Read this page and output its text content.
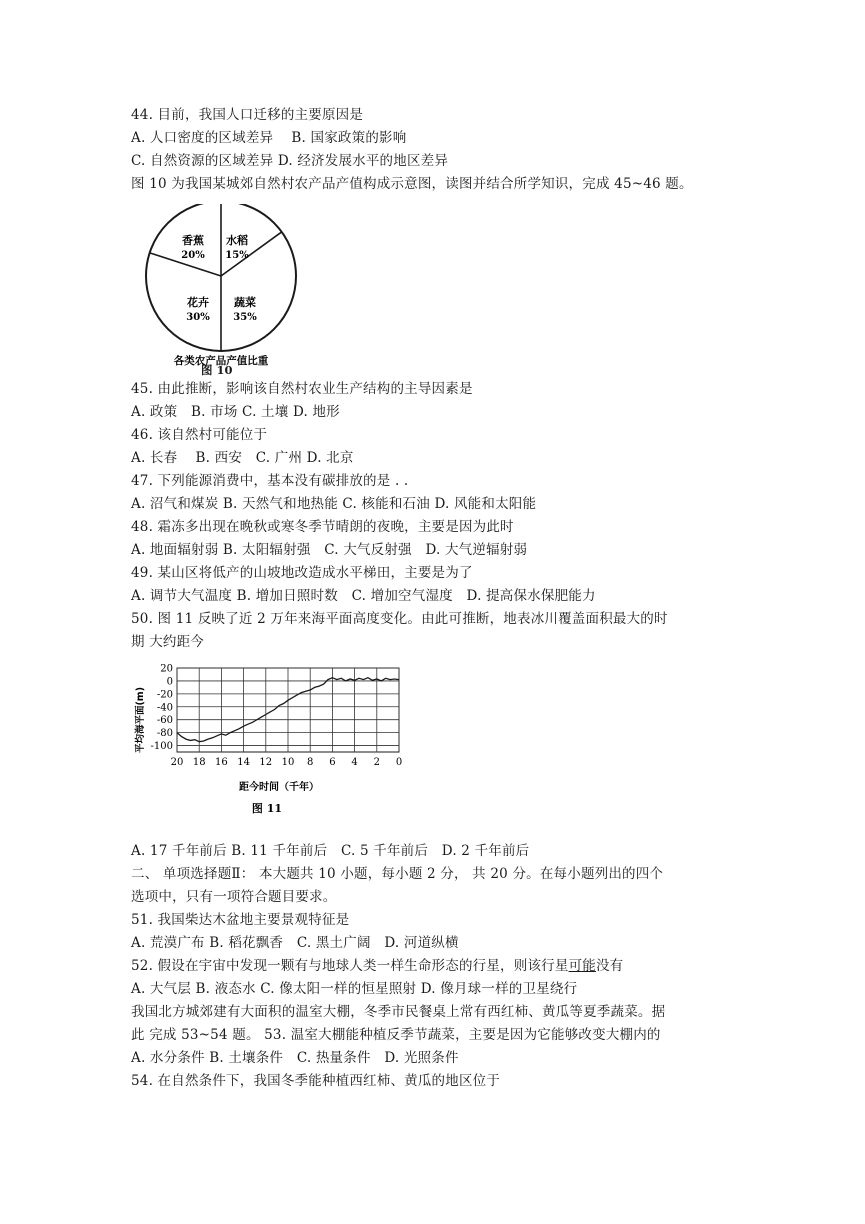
44. 目前，我国人口迁移的主要原因是
A. 人口密度的区域差异　 B. 国家政策的影响
C. 自然资源的区域差异 D. 经济发展水平的地区差异
图 10 为我国某城郊自然村农产品产值构成示意图，读图并结合所学知识，完成 45~46 题。
香蕉
20%
水稻
15%
蔬菜
35%
花卉
30%
各类农产品产值比重
图 10
45. 由此推断，影响该自然村农业生产结构的主导因素是
A. 政策　B. 市场 C. 土壤 D. 地形
46. 该自然村可能位于
A. 长春　 B. 西安　C. 广州 D. 北京
47. 下列能源消费中，基本没有碳排放的是 . .
A. 沼气和煤炭 B. 天然气和地热能 C. 核能和石油 D. 风能和太阳能
48. 霜冻多出现在晚秋或寒冬季节晴朗的夜晚，主要是因为此时
A. 地面辐射弱 B. 太阳辐射强　C. 大气反射强　D. 大气逆辐射弱
49. 某山区将低产的山坡地改造成水平梯田，主要是为了
A. 调节大气温度 B. 增加日照时数　C. 增加空气湿度　D. 提高保水保肥能力
50. 图 11 反映了近 2 万年来海平面高度变化。由此可推断，地表冰川覆盖面积最大的时
期 大约距今
20
0
-20
-40
-60
-80
-100
20 18 16 14 12 10 8 6 4 2 0
平均海平面(m)
距今时间（千年）
图 11
A. 17 千年前后 B. 11 千年前后　C. 5 千年前后　D. 2 千年前后
二、 单项选择题Ⅱ： 本大题共 10 小题，每小题 2 分， 共 20 分。在每小题列出的四个
选项中，只有一项符合题目要求。
51. 我国柴达木盆地主要景观特征是
A. 荒漠广布 B. 稻花飘香　C. 黑土广阔　D. 河道纵横
52. 假设在宇宙中发现一颗有与地球人类一样生命形态的行星，则该行星可能没有
A. 大气层 B. 液态水 C. 像太阳一样的恒星照射 D. 像月球一样的卫星绕行
我国北方城郊建有大面积的温室大棚，冬季市民餐桌上常有西红柿、黄瓜等夏季蔬菜。据
此 完成 53~54 题。 53. 温室大棚能种植反季节蔬菜，主要是因为它能够改变大棚内的
A. 水分条件 B. 土壤条件　C. 热量条件　D. 光照条件
54. 在自然条件下，我国冬季能种植西红柿、黄瓜的地区位于
